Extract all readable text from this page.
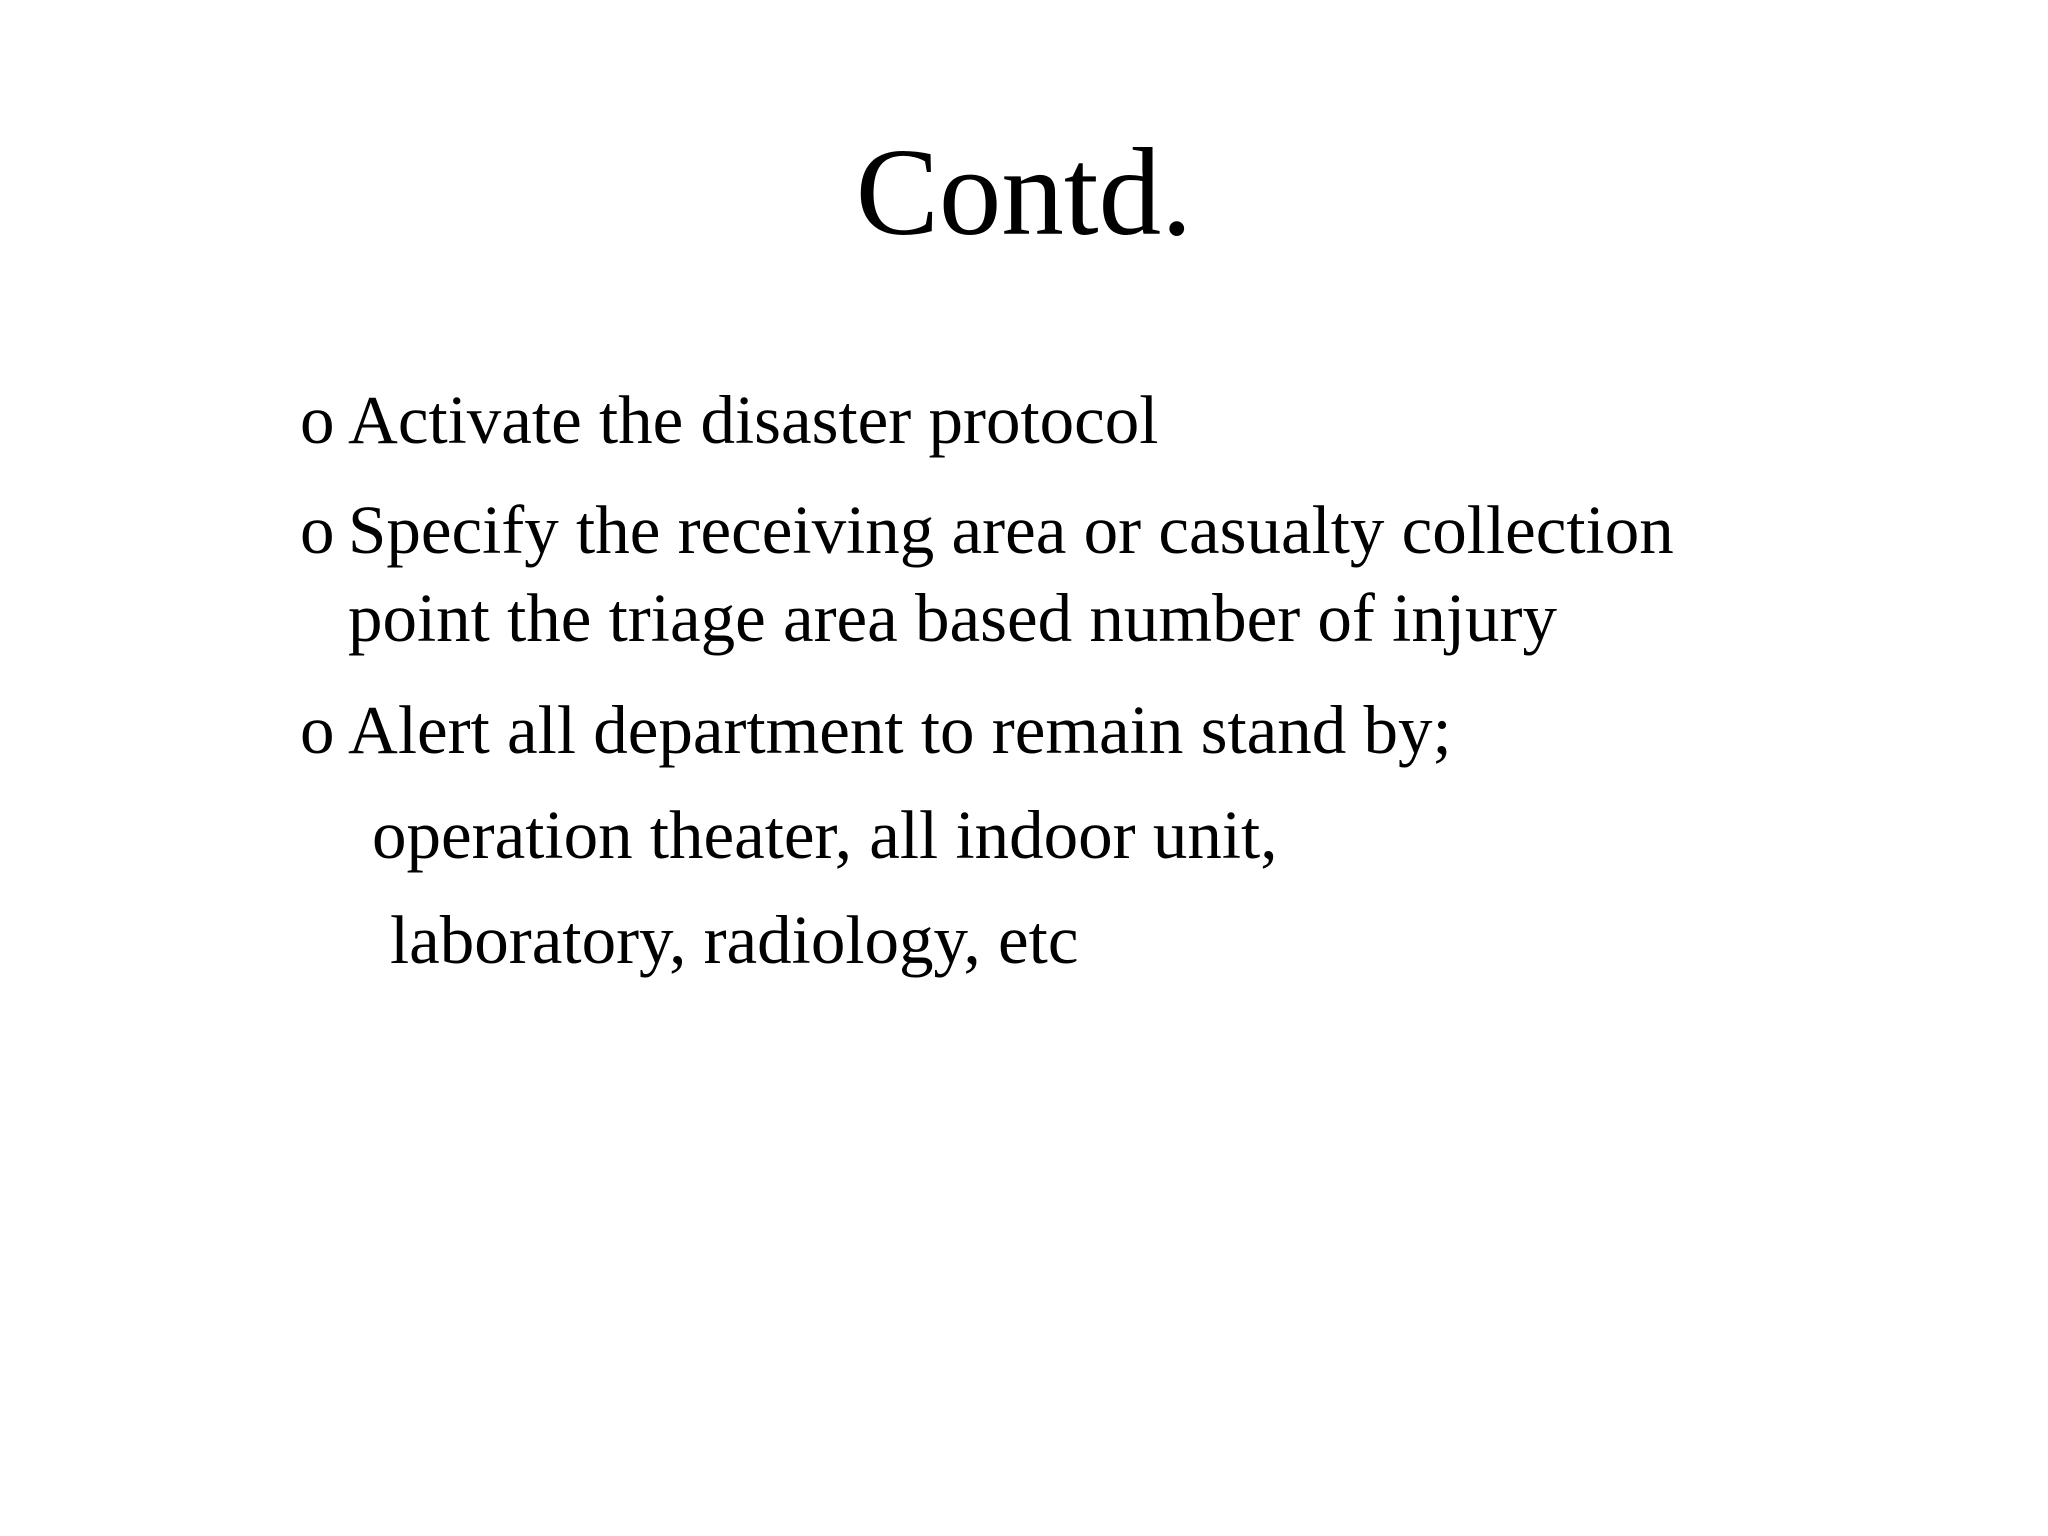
Contd.
o Activate the disaster protocol
o Specify the receiving area or casualty collection
point the triage area based number of injury
o Alert all department to remain stand by;
operation theater, all indoor unit,
laboratory, radiology, etc
